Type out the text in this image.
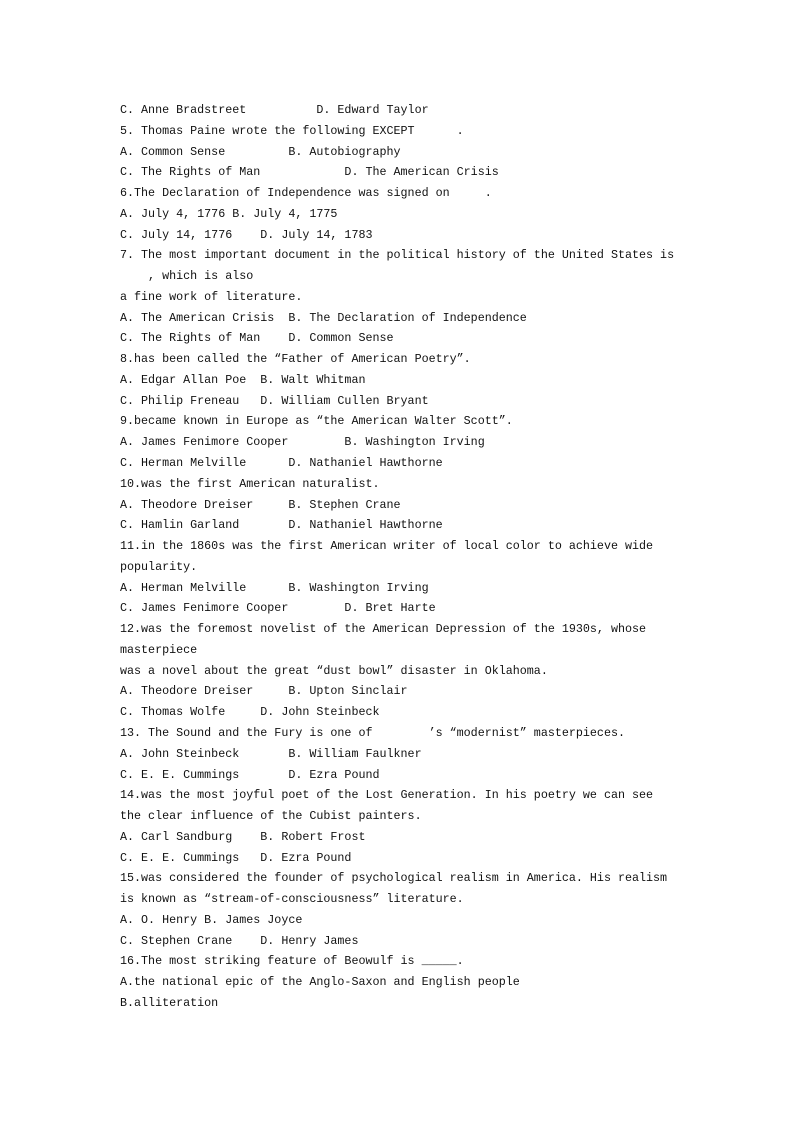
C. Anne Bradstreet          D. Edward Taylor
5. Thomas Paine wrote the following EXCEPT      .
A. Common Sense         B. Autobiography
C. The Rights of Man            D. The American Crisis
6.The Declaration of Independence was signed on     .
A. July 4, 1776 B. July 4, 1775
C. July 14, 1776    D. July 14, 1783
7. The most important document in the political history of the United States is
, which is also
a fine work of literature.
A. The American Crisis  B. The Declaration of Independence
C. The Rights of Man    D. Common Sense
8.has been called the “Father of American Poetry”.
A. Edgar Allan Poe  B. Walt Whitman
C. Philip Freneau   D. William Cullen Bryant
9.became known in Europe as “the American Walter Scott”.
A. James Fenimore Cooper        B. Washington Irving
C. Herman Melville      D. Nathaniel Hawthorne
10.was the first American naturalist.
A. Theodore Dreiser     B. Stephen Crane
C. Hamlin Garland       D. Nathaniel Hawthorne
11.in the 1860s was the first American writer of local color to achieve wide
popularity.
A. Herman Melville      B. Washington Irving
C. James Fenimore Cooper        D. Bret Harte
12.was the foremost novelist of the American Depression of the 1930s, whose
masterpiece
was a novel about the great “dust bowl” disaster in Oklahoma.
A. Theodore Dreiser     B. Upton Sinclair
C. Thomas Wolfe     D. John Steinbeck
13. The Sound and the Fury is one of        ’s “modernist” masterpieces.
A. John Steinbeck       B. William Faulkner
C. E. E. Cummings       D. Ezra Pound
14.was the most joyful poet of the Lost Generation. In his poetry we can see
the clear influence of the Cubist painters.
A. Carl Sandburg    B. Robert Frost
C. E. E. Cummings   D. Ezra Pound
15.was considered the founder of psychological realism in America. His realism
is known as “stream-of-consciousness” literature.
A. O. Henry B. James Joyce
C. Stephen Crane    D. Henry James
16.The most striking feature of Beowulf is _____.
A.the national epic of the Anglo-Saxon and English people
B.alliteration
